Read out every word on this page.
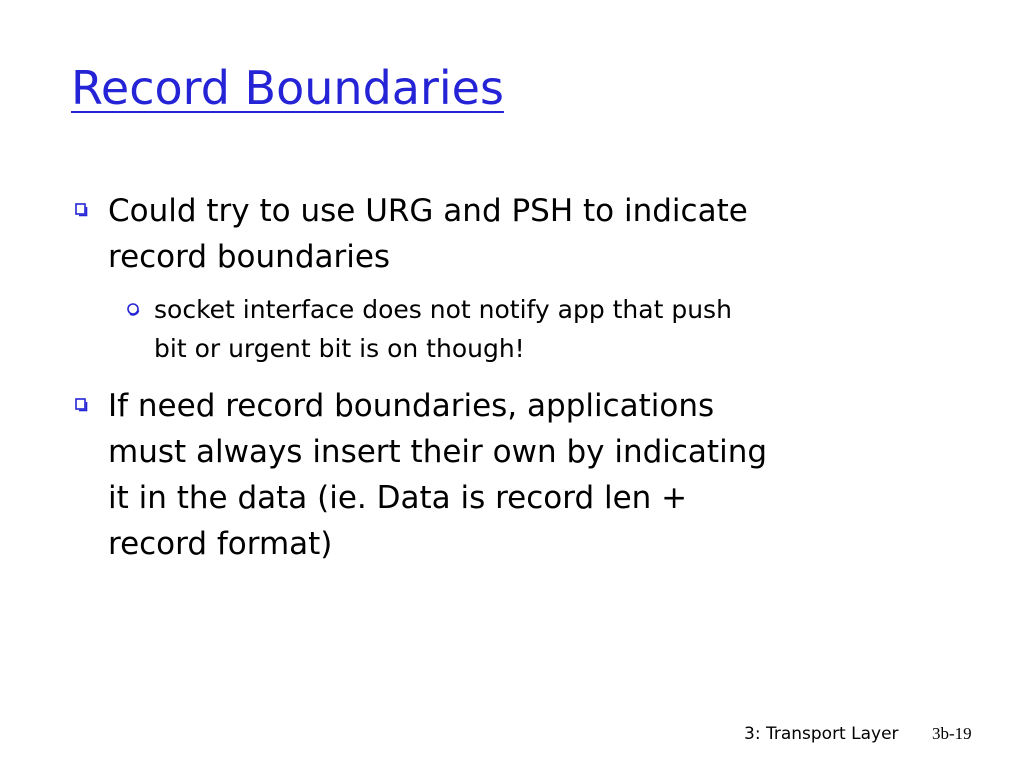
Record Boundaries
Could try to use URG and PSH to indicate
record boundaries
socket interface does not notify app that push
bit or urgent bit is on though!
If need record boundaries, applications
must always insert their own by indicating
it in the data (ie. Data is record len +
record format)
3: Transport Layer 3b-19
